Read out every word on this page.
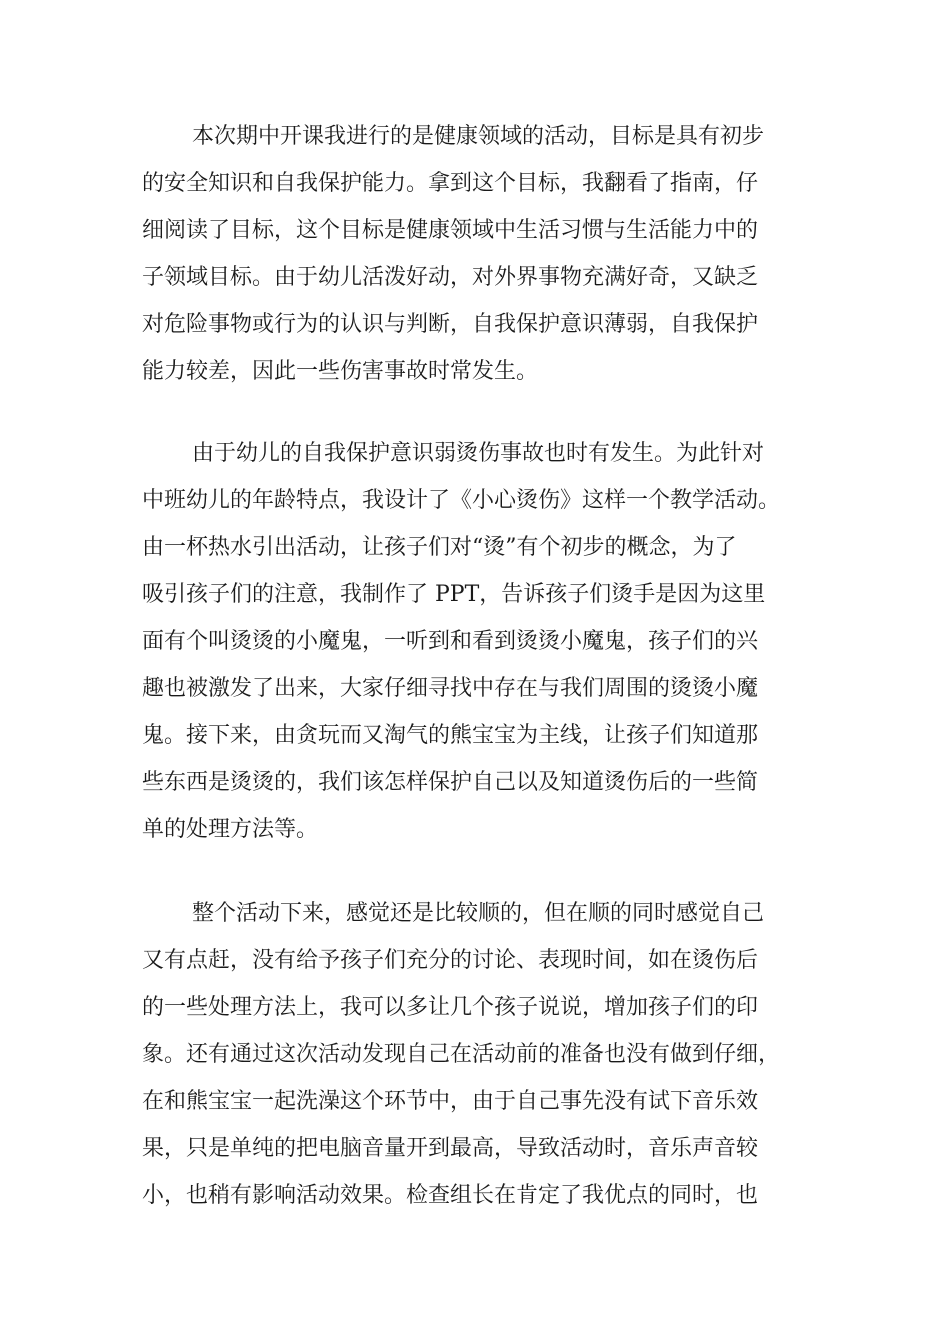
本次期中开课我进行的是健康领域的活动，目标是具有初步
的安全知识和自我保护能力。拿到这个目标，我翻看了指南，仔
细阅读了目标，这个目标是健康领域中生活习惯与生活能力中的
子领域目标。由于幼儿活泼好动，对外界事物充满好奇，又缺乏
对危险事物或行为的认识与判断，自我保护意识薄弱，自我保护
能力较差，因此一些伤害事故时常发生。
由于幼儿的自我保护意识弱烫伤事故也时有发生。为此针对
中班幼儿的年龄特点，我设计了《小心烫伤》这样一个教学活动。
由一杯热水引出活动，让孩子们对“烫”有个初步的概念，为了
吸引孩子们的注意，我制作了 PPT，告诉孩子们烫手是因为这里
面有个叫烫烫的小魔鬼，一听到和看到烫烫小魔鬼，孩子们的兴
趣也被激发了出来，大家仔细寻找中存在与我们周围的烫烫小魔
鬼。接下来，由贪玩而又淘气的熊宝宝为主线，让孩子们知道那
些东西是烫烫的，我们该怎样保护自己以及知道烫伤后的一些简
单的处理方法等。
整个活动下来，感觉还是比较顺的，但在顺的同时感觉自己
又有点赶，没有给予孩子们充分的讨论、表现时间，如在烫伤后
的一些处理方法上，我可以多让几个孩子说说，增加孩子们的印
象。还有通过这次活动发现自己在活动前的准备也没有做到仔细，
在和熊宝宝一起洗澡这个环节中，由于自己事先没有试下音乐效
果，只是单纯的把电脑音量开到最高，导致活动时，音乐声音较
小，也稍有影响活动效果。检查组长在肯定了我优点的同时，也
